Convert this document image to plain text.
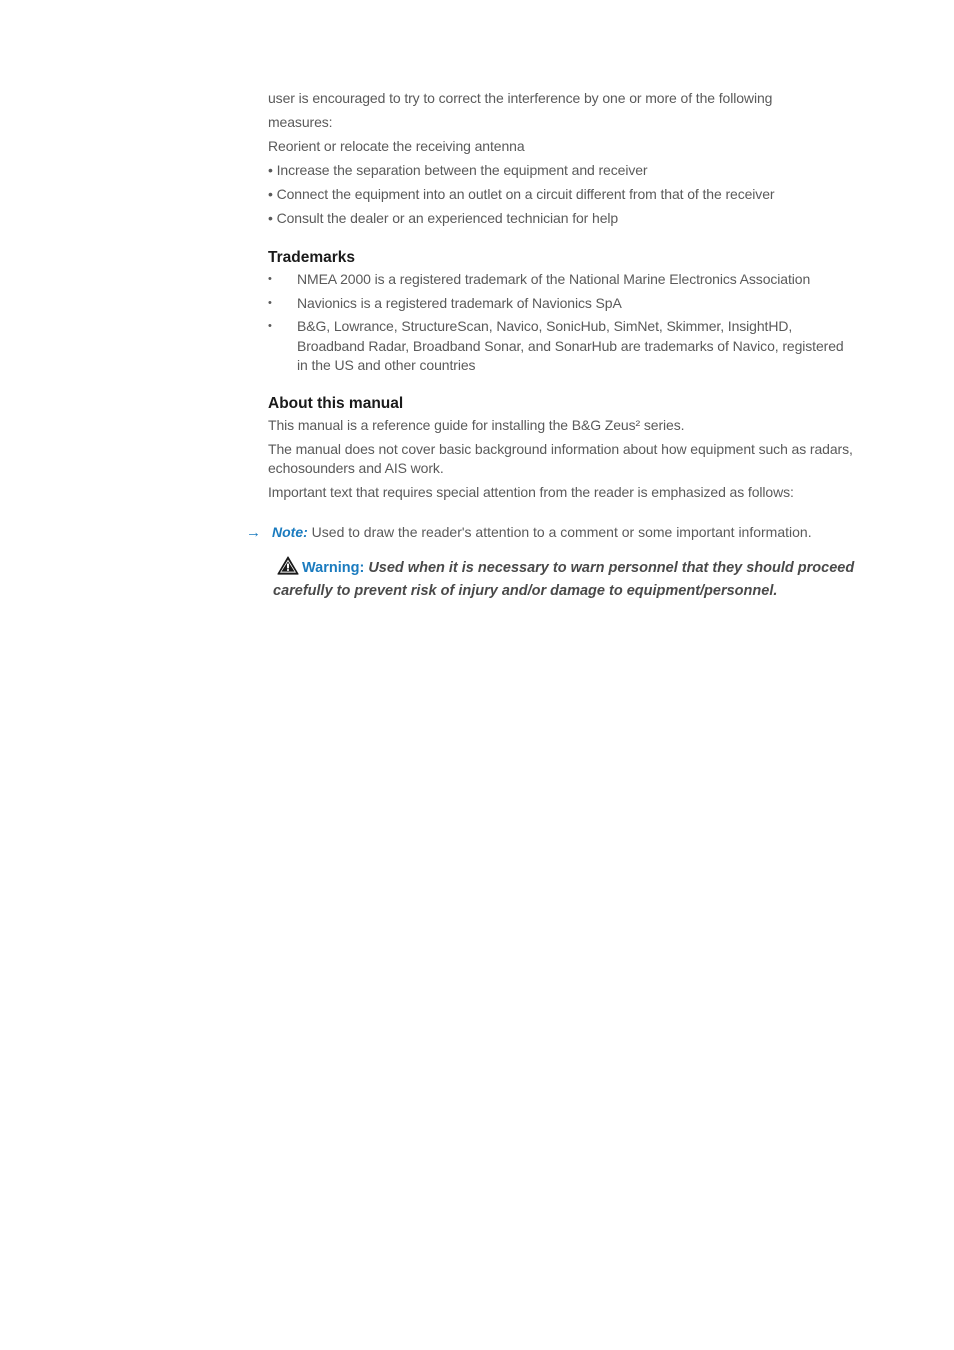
user is encouraged to try to correct the interference by one or more of the following

measures:

Reorient or relocate the receiving antenna

• Increase the separation between the equipment and receiver

• Connect the equipment into an outlet on a circuit different from that of the receiver

• Consult the dealer or an experienced technician for help

Trademarks
• NMEA 2000 is a registered trademark of the National Marine Electronics Association
• Navionics is a registered trademark of Navionics SpA
• B&G, Lowrance, StructureScan, Navico, SonicHub, SimNet, Skimmer, InsightHD, Broadband Radar, Broadband Sonar, and SonarHub are trademarks of Navico, registered in the US and other countries
About this manual

This manual is a reference guide for installing the B&G Zeus² series.

The manual does not cover basic background information about how equipment such as radars, echosounders and AIS work.

Important text that requires special attention from the reader is emphasized as follows:

→ Note: Used to draw the reader's attention to a comment or some important information.
Warning: Used when it is necessary to warn personnel that they should proceed carefully to prevent risk of injury and/or damage to equipment/personnel.
